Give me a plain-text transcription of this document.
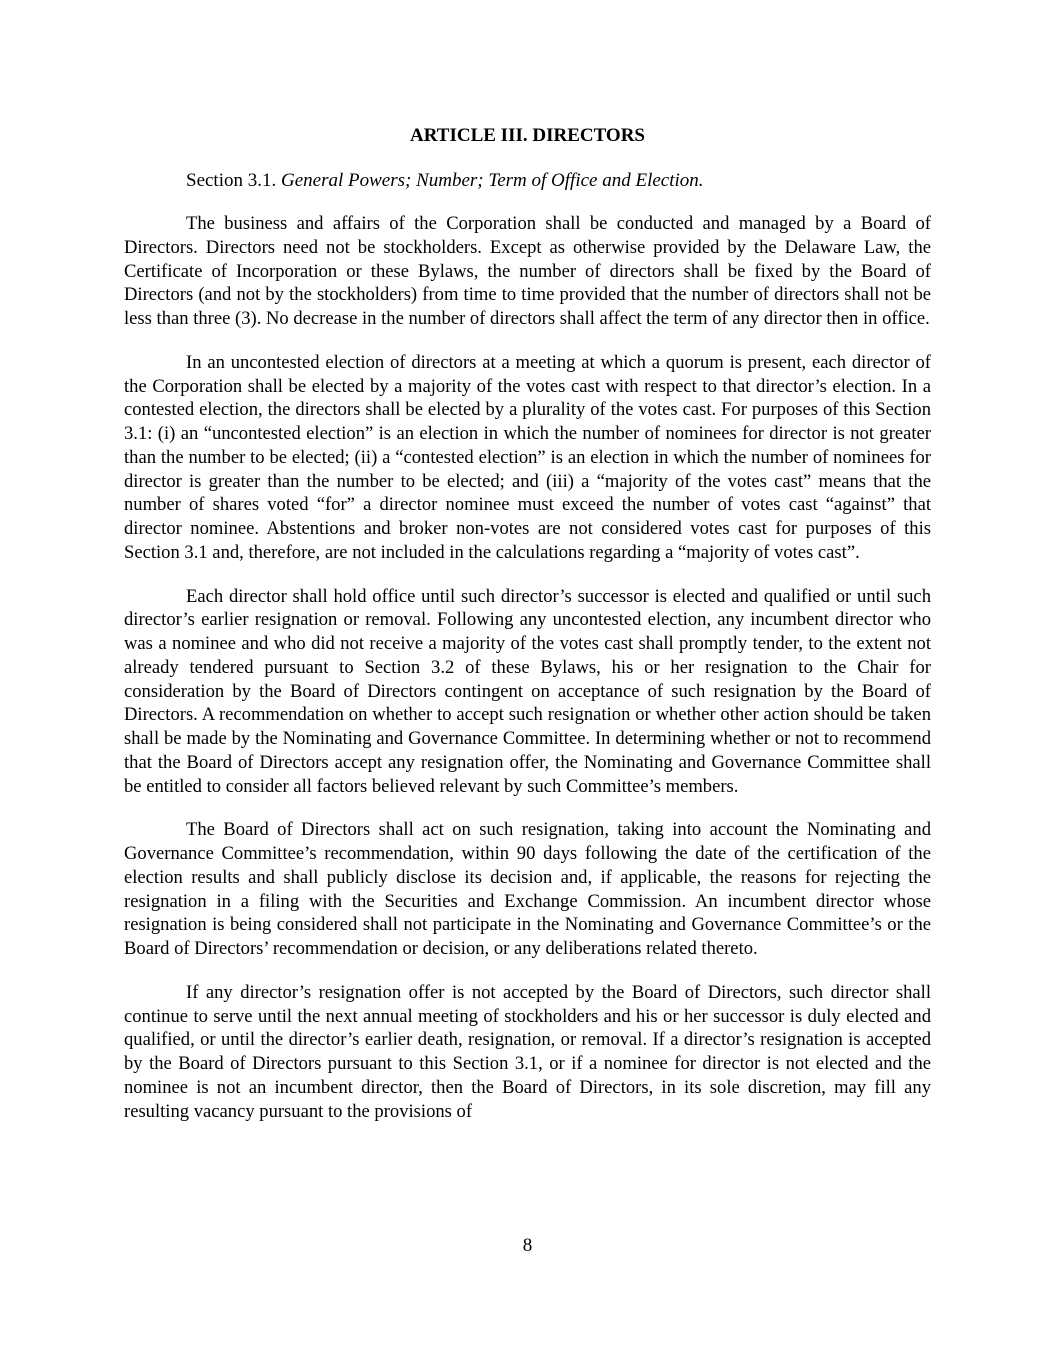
ARTICLE III. DIRECTORS
Section 3.1. General Powers; Number; Term of Office and Election.

The business and affairs of the Corporation shall be conducted and managed by a Board of Directors. Directors need not be stockholders. Except as otherwise provided by the Delaware Law, the Certificate of Incorporation or these Bylaws, the number of directors shall be fixed by the Board of Directors (and not by the stockholders) from time to time provided that the number of directors shall not be less than three (3). No decrease in the number of directors shall affect the term of any director then in office.

In an uncontested election of directors at a meeting at which a quorum is present, each director of the Corporation shall be elected by a majority of the votes cast with respect to that director’s election. In a contested election, the directors shall be elected by a plurality of the votes cast. For purposes of this Section 3.1: (i) an “uncontested election” is an election in which the number of nominees for director is not greater than the number to be elected; (ii) a “contested election” is an election in which the number of nominees for director is greater than the number to be elected; and (iii) a “majority of the votes cast” means that the number of shares voted “for” a director nominee must exceed the number of votes cast “against” that director nominee. Abstentions and broker non-votes are not considered votes cast for purposes of this Section 3.1 and, therefore, are not included in the calculations regarding a “majority of votes cast”.

Each director shall hold office until such director’s successor is elected and qualified or until such director’s earlier resignation or removal. Following any uncontested election, any incumbent director who was a nominee and who did not receive a majority of the votes cast shall promptly tender, to the extent not already tendered pursuant to Section 3.2 of these Bylaws, his or her resignation to the Chair for consideration by the Board of Directors contingent on acceptance of such resignation by the Board of Directors. A recommendation on whether to accept such resignation or whether other action should be taken shall be made by the Nominating and Governance Committee. In determining whether or not to recommend that the Board of Directors accept any resignation offer, the Nominating and Governance Committee shall be entitled to consider all factors believed relevant by such Committee’s members.

The Board of Directors shall act on such resignation, taking into account the Nominating and Governance Committee’s recommendation, within 90 days following the date of the certification of the election results and shall publicly disclose its decision and, if applicable, the reasons for rejecting the resignation in a filing with the Securities and Exchange Commission. An incumbent director whose resignation is being considered shall not participate in the Nominating and Governance Committee’s or the Board of Directors’ recommendation or decision, or any deliberations related thereto.

If any director’s resignation offer is not accepted by the Board of Directors, such director shall continue to serve until the next annual meeting of stockholders and his or her successor is duly elected and qualified, or until the director’s earlier death, resignation, or removal. If a director’s resignation is accepted by the Board of Directors pursuant to this Section 3.1, or if a nominee for director is not elected and the nominee is not an incumbent director, then the Board of Directors, in its sole discretion, may fill any resulting vacancy pursuant to the provisions of

8
